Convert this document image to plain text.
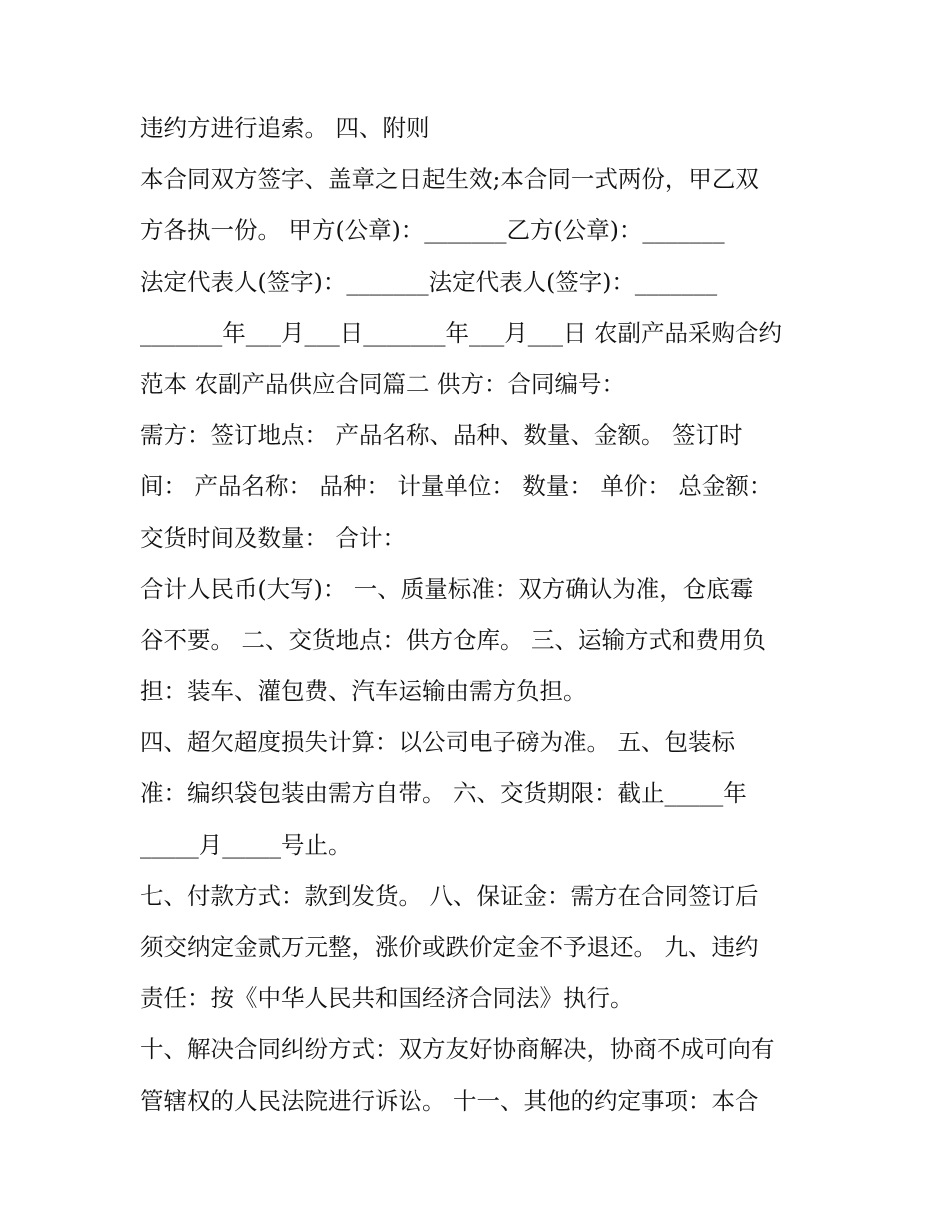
违约方进行追索。 四、附则
本合同双方签字、盖章之日起生效;本合同一式两份，甲乙双
方各执一份。 甲方(公章)：_______乙方(公章)：_______
法定代表人(签字)：_______法定代表人(签字)：_______
_______年___月___日_______年___月___日 农副产品采购合约
范本 农副产品供应合同篇二 供方：合同编号：
需方：签订地点： 产品名称、品种、数量、金额。 签订时
间： 产品名称： 品种： 计量单位： 数量： 单价： 总金额：
交货时间及数量： 合计：
合计人民币(大写)： 一、质量标准：双方确认为准，仓底霉
谷不要。 二、交货地点：供方仓库。 三、运输方式和费用负
担：装车、灌包费、汽车运输由需方负担。
四、超欠超度损失计算：以公司电子磅为准。 五、包装标
准：编织袋包装由需方自带。 六、交货期限：截止_____年
_____月_____号止。
七、付款方式：款到发货。 八、保证金：需方在合同签订后
须交纳定金贰万元整，涨价或跌价定金不予退还。 九、违约
责任：按《中华人民共和国经济合同法》执行。
十、解决合同纠纷方式：双方友好协商解决，协商不成可向有
管辖权的人民法院进行诉讼。 十一、其他的约定事项：本合
